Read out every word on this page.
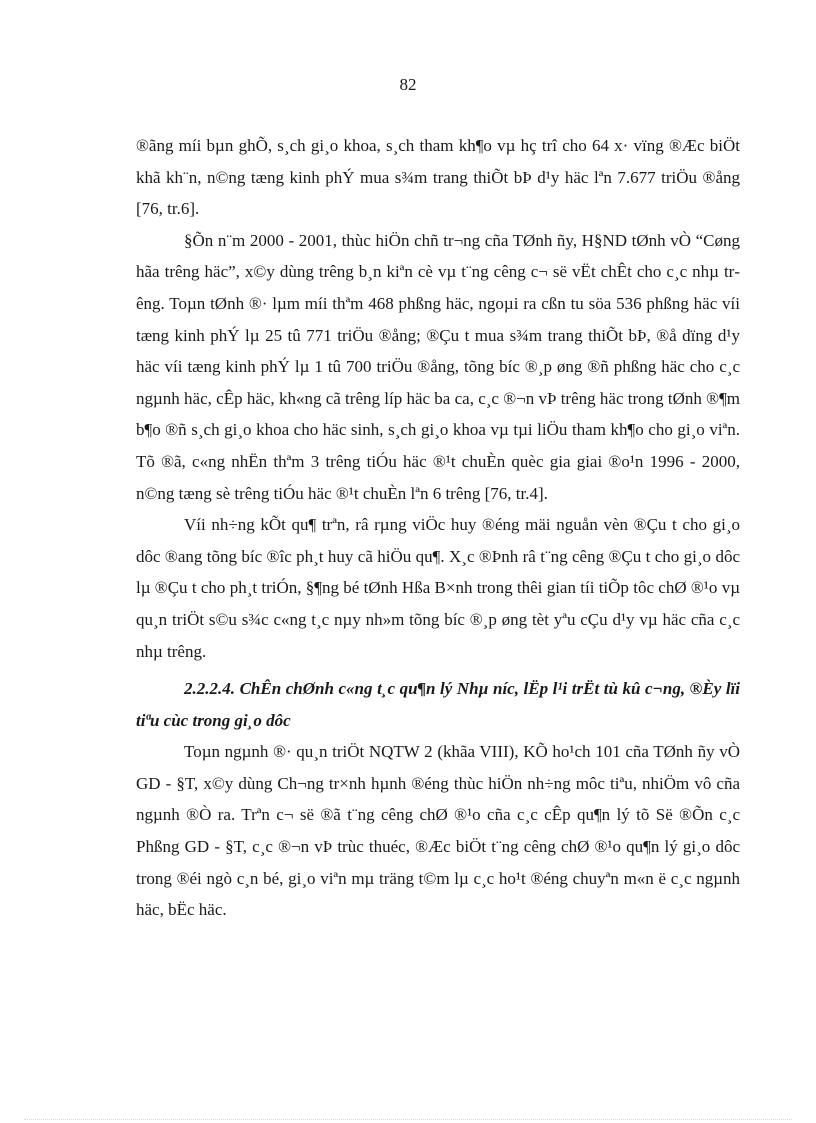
82

®ãng míi bµn ghÕ, s¸ch gi¸o khoa, s¸ch tham kh¶o vµ hç trî cho 64 x· vïng ®Æc biÖt khã kh¨n, n©ng tæng kinh phÝ mua s¾m trang thiÕt bÞ d¹y häc lªn 7.677 triÖu ®ång [76, tr.6].

§Õn n¨m 2000 - 2001, thùc hiÖn chñ tr¬ng cña TØnh ñy, H§ND tØnh vÒ “Cøng hãa trêng häc”, x©y dùng trêng b¸n kiªn cè vµ t¨ng cêng c¬ së vËt chÊt cho c¸c nhµ trêng. Toµn tØnh ®· lµm míi thªm 468 phßng häc, ngoµi ra cßn tu söa 536 phßng häc víi tæng kinh phÝ lµ 25 tû 771 triÖu ®ång; ®Çu t mua s¾m trang thiÕt bÞ, ®å dïng d¹y häc víi tæng kinh phÝ lµ 1 tû 700 triÖu ®ång, tõng bíc ®¸p øng ®ñ phßng häc cho c¸c ngµnh häc, cÊp häc, kh«ng cã trêng líp häc ba ca, c¸c ®¬n vÞ trêng häc trong tØnh ®¶m b¶o ®ñ s¸ch gi¸o khoa cho häc sinh, s¸ch gi¸o khoa vµ tµi liÖu tham kh¶o cho gi¸o viªn. Tõ ®ã, c«ng nhËn thªm 3 trêng tiÓu häc ®¹t chuÈn quèc gia giai ®o¹n 1996 - 2000, n©ng tæng sè trêng tiÓu häc ®¹t chuÈn lªn 6 trêng [76, tr.4].

Víi nh÷ng kÕt qu¶ trªn, râ rµng viÖc huy ®éng mäi nguån vèn ®Çu t cho gi¸o dôc ®ang tõng bíc ®îc ph¸t huy cã hiÖu qu¶. X¸c ®Þnh râ t¨ng cêng ®Çu t cho gi¸o dôc lµ ®Çu t cho ph¸t triÓn, §¶ng bé tØnh Hßa B×nh trong thêi gian tíi tiÕp tôc chØ ®¹o vµ qu¸n triÖt s©u s¾c c«ng t¸c nµy nh»m tõng bíc ®¸p øng tèt yªu cÇu d¹y vµ häc cña c¸c nhµ trêng.

2.2.2.4. ChÊn chØnh c«ng t¸c qu¶n lý Nhµ níc, lËp l¹i trËt tù kû c¬ng, ®Èy lïi tiªu cùc trong gi¸o dôc

Toµn ngµnh ®· qu¸n triÖt NQTW 2 (khãa VIII), KÕ ho¹ch 101 cña TØnh ñy vÒ GD - §T, x©y dùng Ch¬ng tr×nh hµnh ®éng thùc hiÖn nh÷ng môc tiªu, nhiÖm vô cña ngµnh ®Ò ra. Trªn c¬ së ®ã t¨ng cêng chØ ®¹o cña c¸c cÊp qu¶n lý tõ Së ®Õn c¸c Phßng GD - §T, c¸c ®¬n vÞ trùc thuéc, ®Æc biÖt t¨ng cêng chØ ®¹o qu¶n lý gi¸o dôc trong ®éi ngò c¸n bé, gi¸o viªn mµ träng t©m lµ c¸c ho¹t ®éng chuyªn m«n ë c¸c ngµnh häc, bËc häc.
